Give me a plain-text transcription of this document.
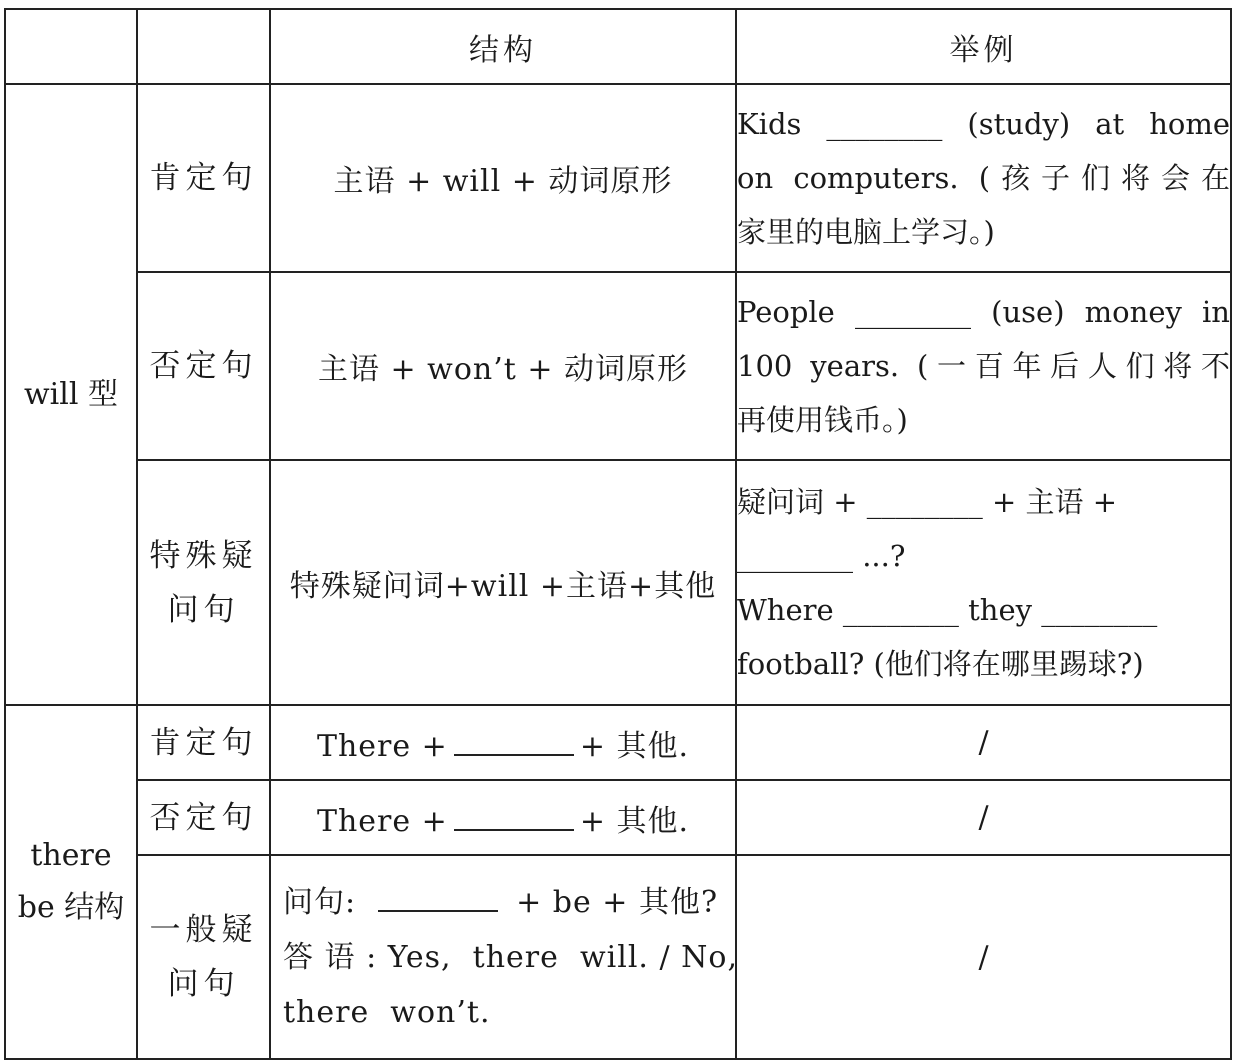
		结构	举例
will 型	肯定句	主语 + will + 动词原形	Kids ________ (study) at home
on computers. (孩子们将会在
家里的电脑上学习。)

	否定句	主语 + won’t + 动词原形	People ________ (use) money in
100 years. (一百年后人们将不
再使用钱币。)

	特殊疑
问句	特殊疑问词+will +主语+其他	疑问词 + ________ + 主语 +
________ ...?
Where ________ they ________
football? (他们将在哪里踢球?)

there
be 结构	肯定句	There + + 其他.	/
	否定句	There + + 其他.	/

	一般疑
问句	问句: + be + 其他?
答 语 : Yes,  there  will. / No,
there  won’t.	/
